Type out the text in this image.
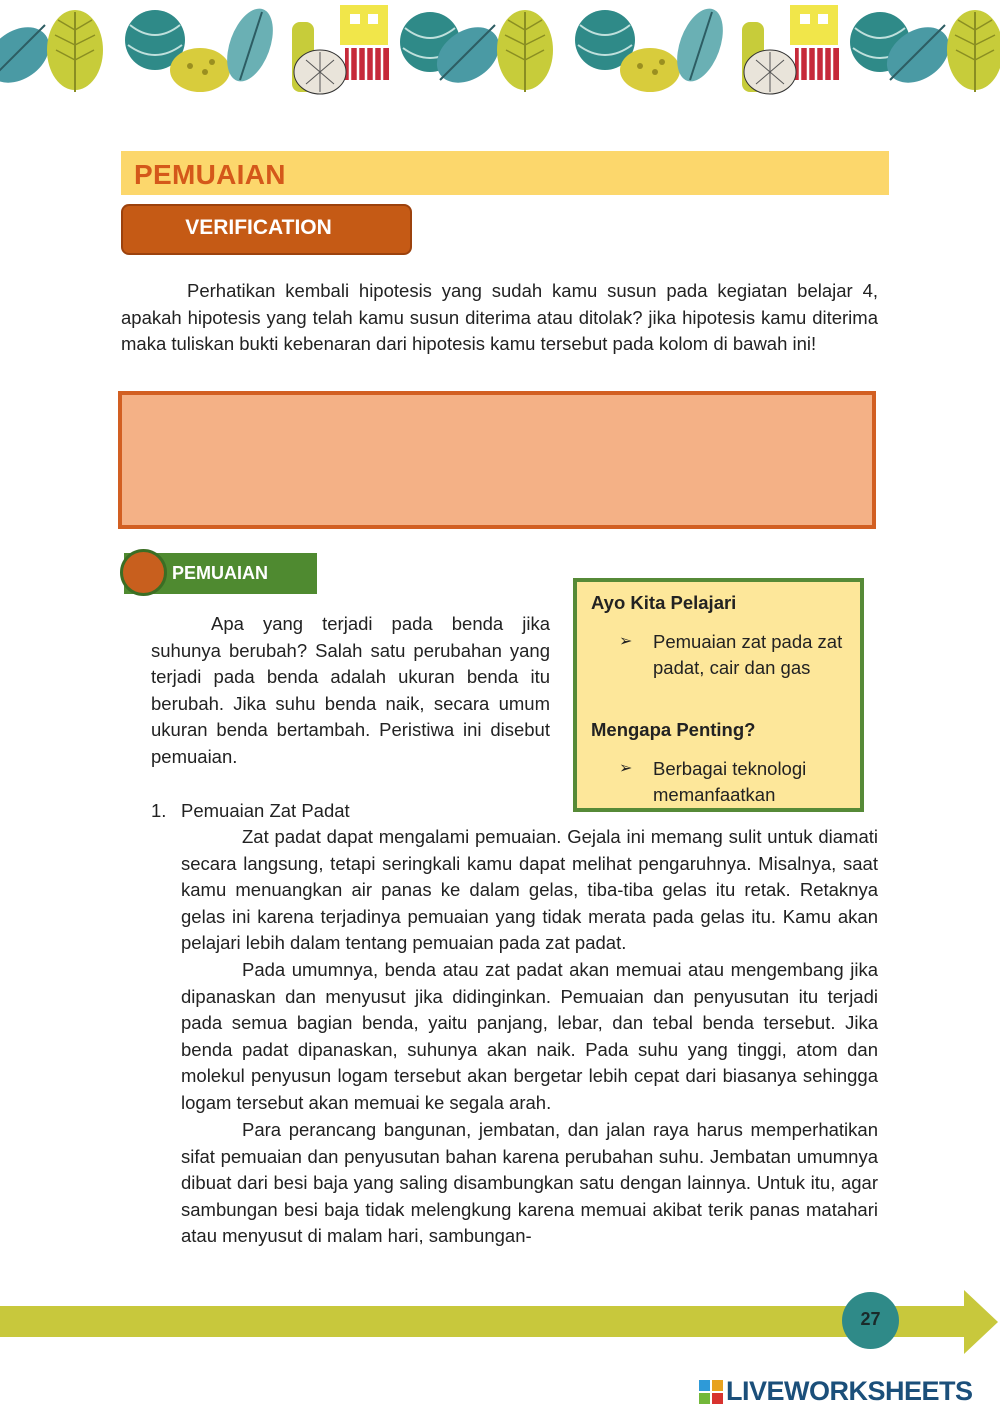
PEMUAIAN
VERIFICATION

Perhatikan kembali hipotesis yang sudah kamu susun pada kegiatan belajar 4, apakah hipotesis yang telah kamu susun diterima atau ditolak? jika hipotesis kamu diterima maka tuliskan bukti kebenaran dari hipotesis kamu tersebut pada kolom di bawah ini!

PEMUAIAN

Apa yang terjadi pada benda jika suhunya berubah? Salah satu perubahan yang terjadi pada benda adalah ukuran benda itu berubah. Jika suhu benda naik, secara umum ukuran benda bertambah. Peristiwa ini disebut pemuaian.

Ayo Kita Pelajari
➢	Pemuaian zat pada zat padat, cair dan gas
Mengapa Penting?
➢	Berbagai teknologi memanfaatkan
1. Pemuaian Zat Padat

Zat padat dapat mengalami pemuaian. Gejala ini memang sulit untuk diamati secara langsung, tetapi seringkali kamu dapat melihat pengaruhnya. Misalnya, saat kamu menuangkan air panas ke dalam gelas, tiba-tiba gelas itu retak. Retaknya gelas ini karena terjadinya pemuaian yang tidak merata pada gelas itu. Kamu akan pelajari lebih dalam tentang pemuaian pada zat padat.

Pada umumnya, benda atau zat padat akan memuai atau mengembang jika dipanaskan dan menyusut jika didinginkan. Pemuaian dan penyusutan itu terjadi pada semua bagian benda, yaitu panjang, lebar, dan tebal benda tersebut. Jika benda padat dipanaskan, suhunya akan naik. Pada suhu yang tinggi, atom dan molekul penyusun logam tersebut akan bergetar lebih cepat dari biasanya sehingga logam tersebut akan memuai ke segala arah.

Para perancang bangunan, jembatan, dan jalan raya harus memperhatikan sifat pemuaian dan penyusutan bahan karena perubahan suhu. Jembatan umumnya dibuat dari besi baja yang saling disambungkan satu dengan lainnya. Untuk itu, agar sambungan besi baja tidak melengkung karena memuai akibat terik panas matahari atau menyusut di malam hari, sambungan-

27
LIVEWORKSHEETS
